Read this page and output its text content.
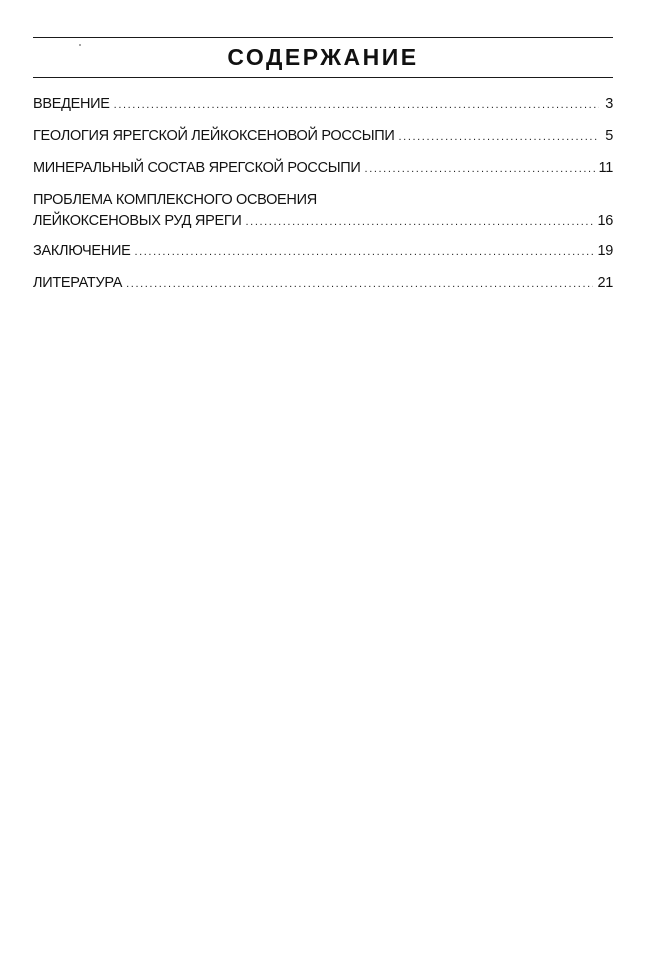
СОДЕРЖАНИЕ
ВВЕДЕНИЕ .....	3
ГЕОЛОГИЯ ЯРЕГСКОЙ ЛЕЙКОКСЕНОВОЙ РОССЫПИ .....	5
МИНЕРАЛЬНЫЙ СОСТАВ ЯРЕГСКОЙ РОССЫПИ .....	11
ПРОБЛЕМА КОМПЛЕКСНОГО ОСВОЕНИЯ
ЛЕЙКОКСЕНОВЫХ РУД ЯРЕГИ .....	16
ЗАКЛЮЧЕНИЕ .....	19
ЛИТЕРАТУРА .....	21
